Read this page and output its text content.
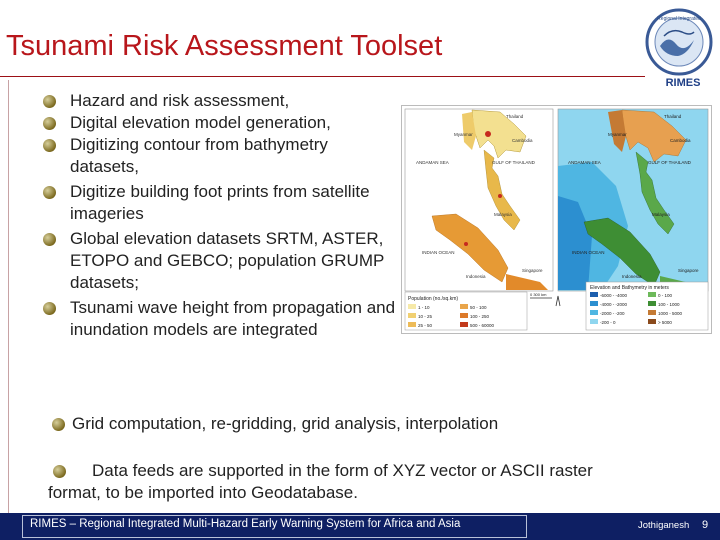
Tsunami Risk Assessment Toolset
Regional Integrated
RIMES

Hazard and risk assessment,

Digital elevation model generation,

Digitizing contour from bathymetry datasets,

Digitize building foot prints from satellite imageries

Global elevation datasets SRTM, ASTER, ETOPO and GEBCO; population GRUMP datasets;

Tsunami wave height from propagation and inundation models are integrated

Thailand
Myanmar
Cambodia
ANDAMAN SEA	GULF OF THAILAND
Malaysia
INDIAN OCEAN
Indonesia
Singapore
Population (no./sq.km)
1 - 10	50 - 100
10 - 25	100 - 250
25 - 50	500 - 60000
0 300 km
Thailand
Myanmar
Cambodia
ANDAMAN SEA	GULF OF THAILAND
Malaysia
INDIAN OCEAN
Indonesia
Singapore
Elevation and Bathymetry in meters
-6000 - -4000	0 - 100
-4000 - -2000	100 - 1000
-2000 - -200	1000 - 5000
-200 - 0	> 5000
Grid computation, re-gridding, grid analysis, interpolation
Data feeds are supported in the form of XYZ vector or ASCII raster format, to be imported into Geodatabase.
RIMES – Regional Integrated Multi-Hazard Early Warning System for Africa and Asia	Jothiganesh 9
